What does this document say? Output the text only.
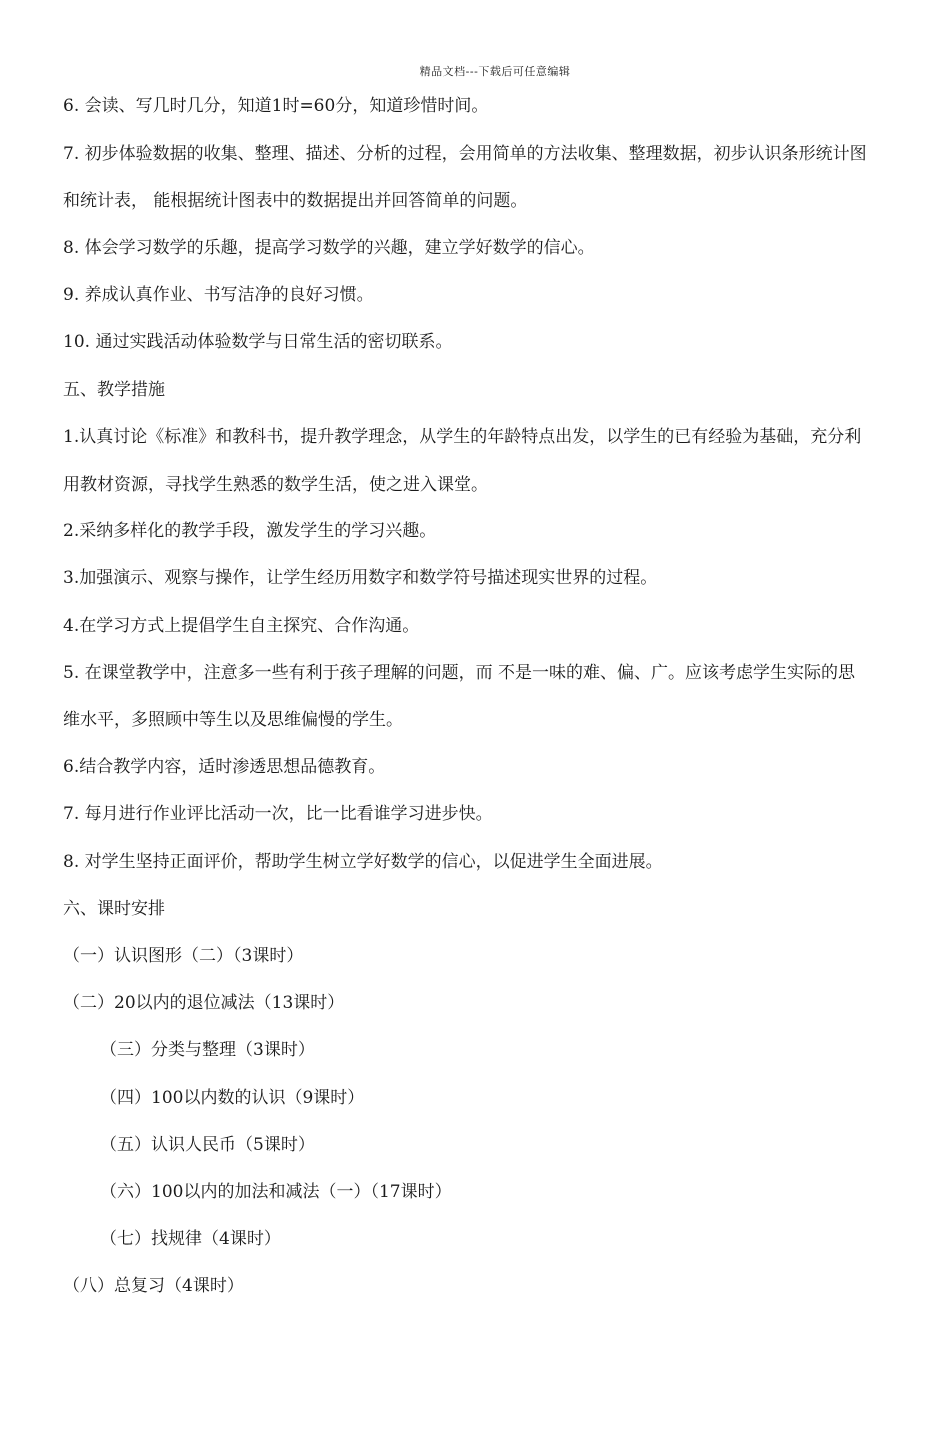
精品文档---下载后可任意编辑
6. 会读、写几时几分，知道1时=60分，知道珍惜时间。
7. 初步体验数据的收集、整理、描述、分析的过程，会用简单的方法收集、整理数据，初步认识条形统计图
和统计表， 能根据统计图表中的数据提出并回答简单的问题。
8. 体会学习数学的乐趣，提高学习数学的兴趣，建立学好数学的信心。
9. 养成认真作业、书写洁净的良好习惯。
10. 通过实践活动体验数学与日常生活的密切联系。
五、教学措施
1.认真讨论《标准》和教科书，提升教学理念，从学生的年龄特点出发，以学生的已有经验为基础，充分利
用教材资源，寻找学生熟悉的数学生活，使之进入课堂。
2.采纳多样化的教学手段，激发学生的学习兴趣。
3.加强演示、观察与操作，让学生经历用数字和数学符号描述现实世界的过程。
4.在学习方式上提倡学生自主探究、合作沟通。
5. 在课堂教学中，注意多一些有利于孩子理解的问题，而 不是一味的难、偏、广。应该考虑学生实际的思
维水平，多照顾中等生以及思维偏慢的学生。
6.结合教学内容，适时渗透思想品德教育。
7. 每月进行作业评比活动一次，比一比看谁学习进步快。
8. 对学生坚持正面评价，帮助学生树立学好数学的信心，以促进学生全面进展。
六、课时安排
（一）认识图形（二）（3课时）
（二）20以内的退位减法（13课时）
（三）分类与整理（3课时）
（四）100以内数的认识（9课时）
（五）认识人民币（5课时）
（六）100以内的加法和减法（一）（17课时）
（七）找规律（4课时）
（八）总复习（4课时）
